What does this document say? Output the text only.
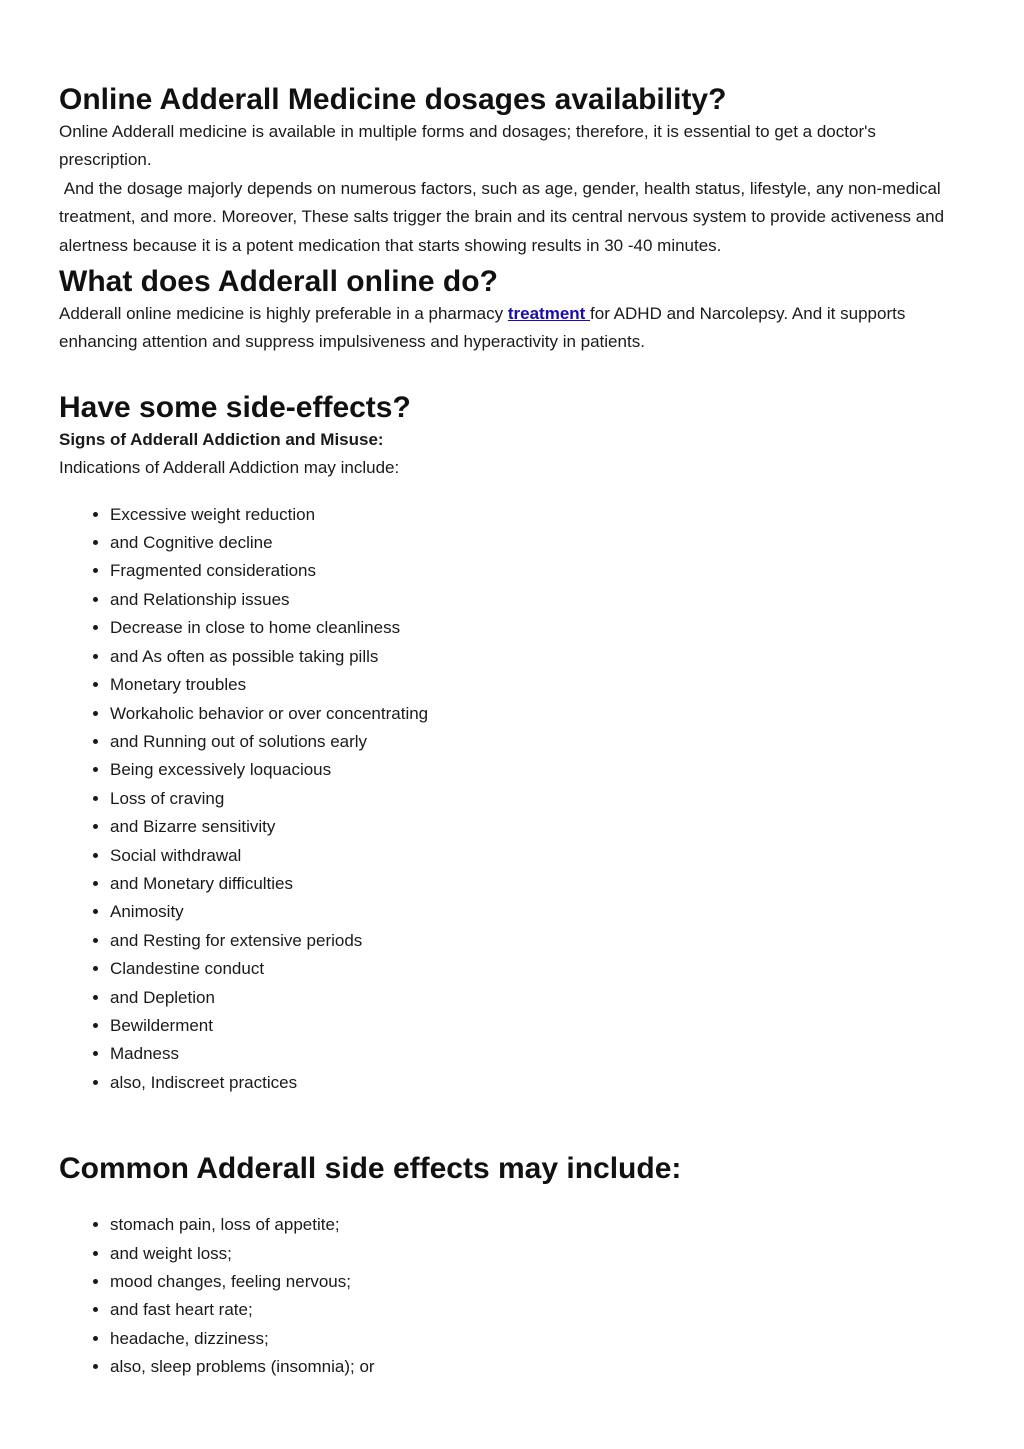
Online Adderall Medicine dosages availability?

Online Adderall medicine is available in multiple forms and dosages; therefore, it is essential to get a doctor's prescription.

And the dosage majorly depends on numerous factors, such as age, gender, health status, lifestyle, any non-medical treatment, and more. Moreover, These salts trigger the brain and its central nervous system to provide activeness and alertness because it is a potent medication that starts showing results in 30 -40 minutes.

What does Adderall online do?

Adderall online medicine is highly preferable in a pharmacy treatment for ADHD and Narcolepsy. And it supports enhancing attention and suppress impulsiveness and hyperactivity in patients.

Have some side-effects?

Signs of Adderall Addiction and Misuse:

Indications of Adderall Addiction may include:

• Excessive weight reduction
• and Cognitive decline
• Fragmented considerations
• and Relationship issues
• Decrease in close to home cleanliness
• and As often as possible taking pills
• Monetary troubles
• Workaholic behavior or over concentrating
• and Running out of solutions early
• Being excessively loquacious
• Loss of craving
• and Bizarre sensitivity
• Social withdrawal
• and Monetary difficulties
• Animosity
• and Resting for extensive periods
• Clandestine conduct
• and Depletion
• Bewilderment
• Madness
• also, Indiscreet practices
Common Adderall side effects may include:
• stomach pain, loss of appetite;
• and weight loss;
• mood changes, feeling nervous;
• and fast heart rate;
• headache, dizziness;
• also, sleep problems (insomnia); or
